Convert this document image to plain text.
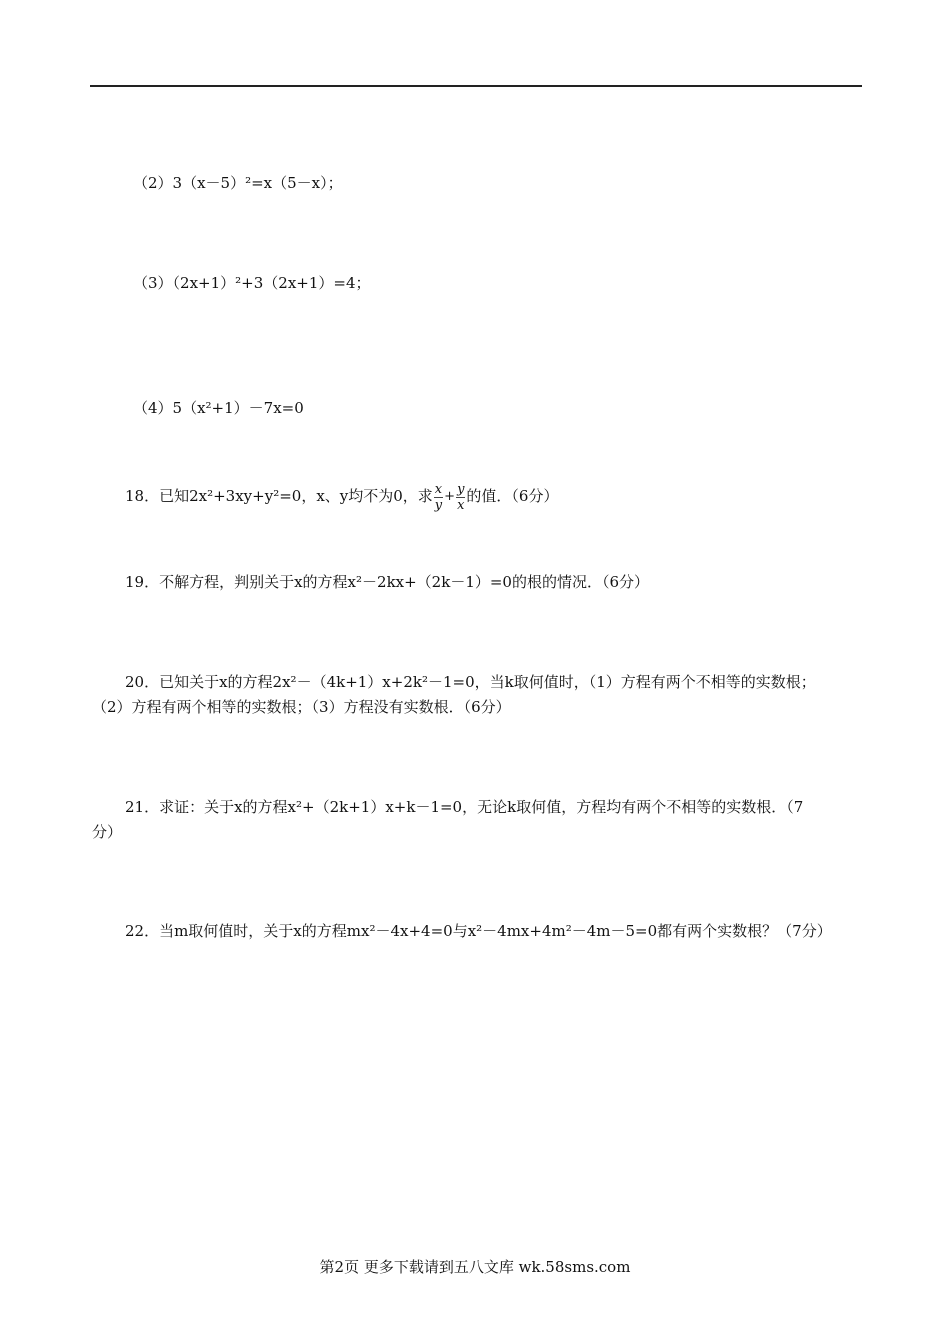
（2）3（x－5）²=x（5－x）；
（3）（2x+1）²+3（2x+1）=4；
（4）5（x²+1）－7x=0
18．已知2x²+3xy+y²=0，x、y均不为0，求 $\frac{x}{y} + \frac{y}{x}$ 的值．（6分）
19．不解方程，判别关于x的方程x²－2kx+（2k－1）=0的根的情况．（6分）
20．已知关于x的方程2x²－（4k+1）x+2k²－1=0，当k取何值时，（1）方程有两个不相等的实数根；
（2）方程有两个相等的实数根；（3）方程没有实数根．（6分）
21．求证：关于x的方程x²+（2k+1）x+k－1=0，无论k取何值，方程均有两个不相等的实数根．（7
分）
22．当m取何值时，关于x的方程mx²－4x+4=0与x²－4mx+4m²－4m－5=0都有两个实数根？（7分）
第2页 更多下载请到五八文库 wk.58sms.com
